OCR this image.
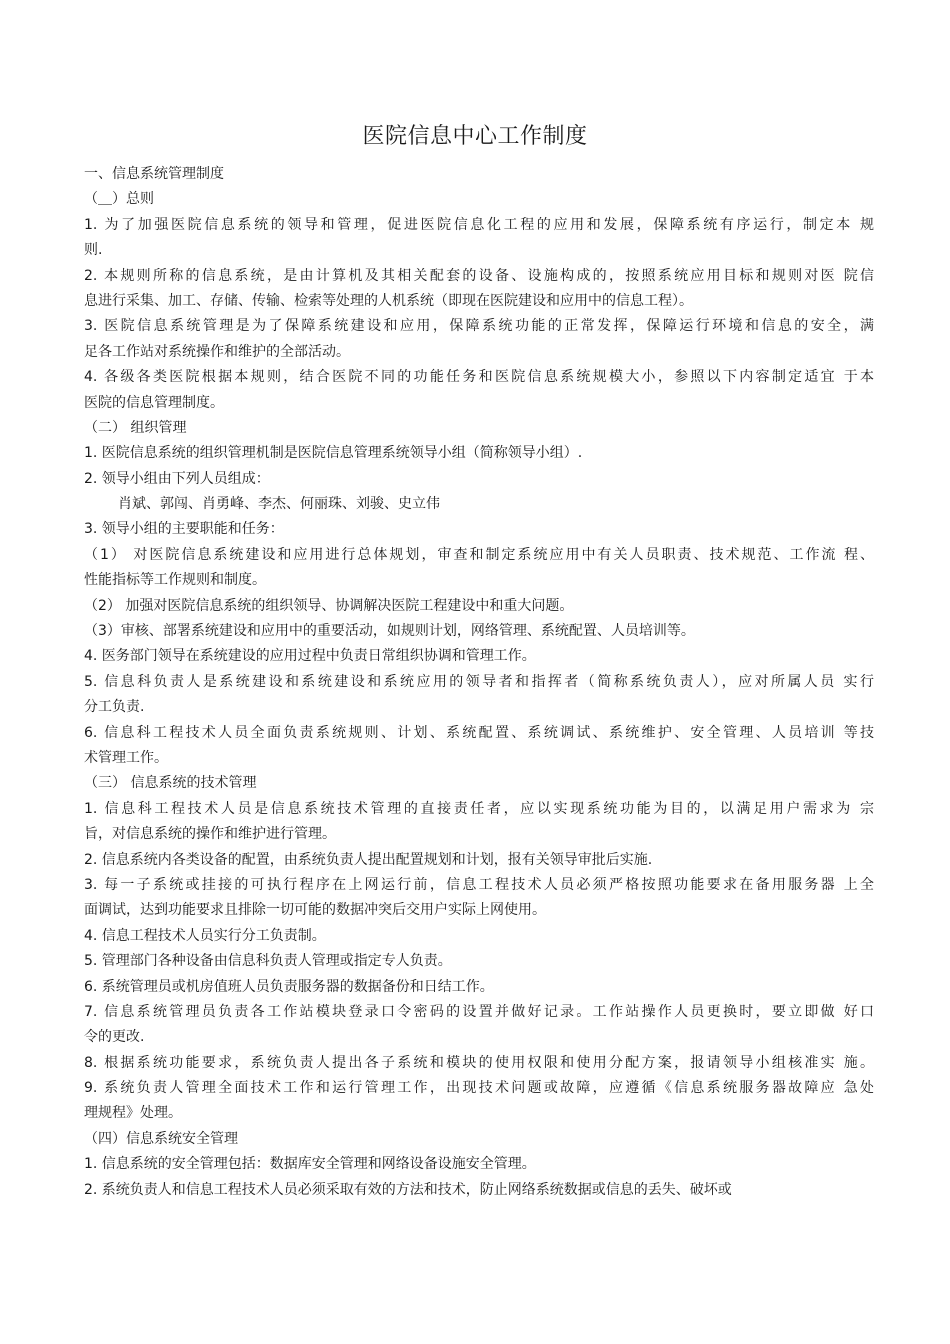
医院信息中心工作制度
一、信息系统管理制度
（＿）总则
1. 为了加强医院信息系统的领导和管理，促进医院信息化工程的应用和发展，保障系统有序运行，制定本 规
则.
2. 本规则所称的信息系统，是由计算机及其相关配套的设备、设施构成的，按照系统应用目标和规则对医 院信
息进行采集、加工、存储、传输、检索等处理的人机系统（即现在医院建设和应用中的信息工程）。
3. 医院信息系统管理是为了保障系统建设和应用，保障系统功能的正常发挥，保障运行环境和信息的安全，满
足各工作站对系统操作和维护的全部活动。
4. 各级各类医院根据本规则，结合医院不同的功能任务和医院信息系统规模大小，参照以下内容制定适宜 于本
医院的信息管理制度。
（二） 组织管理
1. 医院信息系统的组织管理机制是医院信息管理系统领导小组（简称领导小组）.
2. 领导小组由下列人员组成：
肖斌、郭闯、肖勇峰、李杰、何丽珠、刘骏、史立伟
3. 领导小组的主要职能和任务：
（1） 对医院信息系统建设和应用进行总体规划，审查和制定系统应用中有关人员职责、技术规范、工作流 程、
性能指标等工作规则和制度。
（2） 加强对医院信息系统的组织领导、协调解决医院工程建设中和重大问题。
（3）审核、部署系统建设和应用中的重要活动，如规则计划，网络管理、系统配置、人员培训等。
4. 医务部门领导在系统建设的应用过程中负责日常组织协调和管理工作。
5. 信息科负责人是系统建设和系统建设和系统应用的领导者和指挥者（简称系统负责人），应对所属人员 实行
分工负责.
6. 信息科工程技术人员全面负责系统规则、计划、系统配置、系统调试、系统维护、安全管理、人员培训 等技
术管理工作。
（三） 信息系统的技术管理
1. 信息科工程技术人员是信息系统技术管理的直接责任者，应以实现系统功能为目的，以满足用户需求为 宗
旨，对信息系统的操作和维护进行管理。
2. 信息系统内各类设备的配置，由系统负责人提出配置规划和计划，报有关领导审批后实施.
3. 每一子系统或挂接的可执行程序在上网运行前，信息工程技术人员必须严格按照功能要求在备用服务器 上全
面调试，达到功能要求且排除一切可能的数据冲突后交用户实际上网使用。
4. 信息工程技术人员实行分工负责制。
5. 管理部门各种设备由信息科负责人管理或指定专人负责。
6. 系统管理员或机房值班人员负责服务器的数据备份和日结工作。
7. 信息系统管理员负责各工作站模块登录口令密码的设置并做好记录。工作站操作人员更换时，要立即做 好口
令的更改.
8. 根据系统功能要求，系统负责人提出各子系统和模块的使用权限和使用分配方案，报请领导小组核准实 施。
9. 系统负责人管理全面技术工作和运行管理工作，出现技术问题或故障，应遵循《信息系统服务器故障应 急处
理规程》处理。
（四）信息系统安全管理
1. 信息系统的安全管理包括：数据库安全管理和网络设备设施安全管理。
2. 系统负责人和信息工程技术人员必须采取有效的方法和技术，防止网络系统数据或信息的丢失、破坏或
